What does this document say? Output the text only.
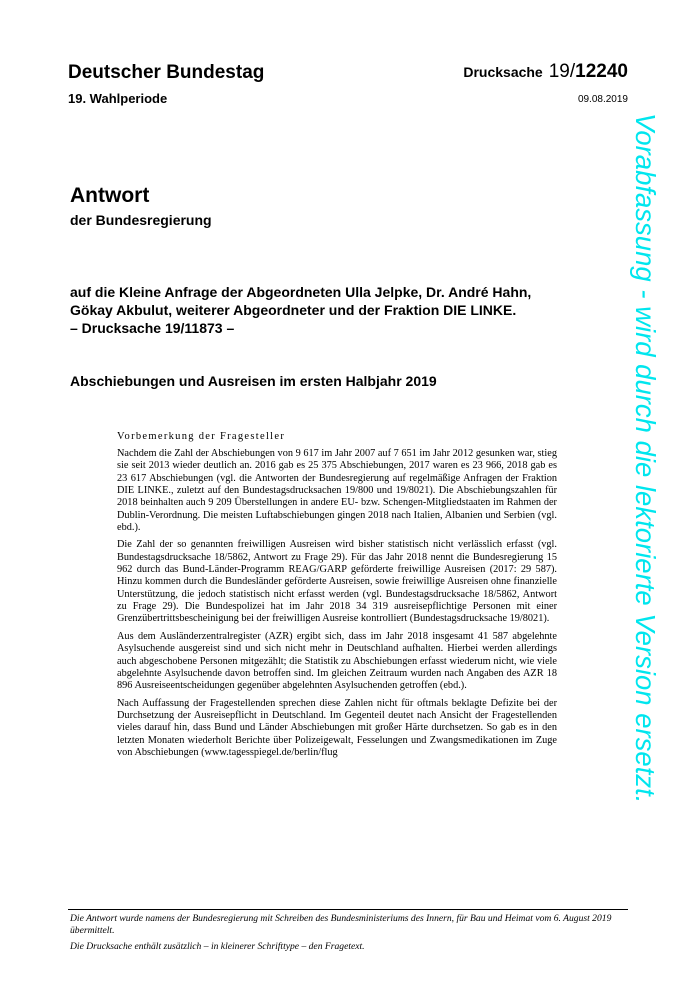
Deutscher Bundestag
19. Wahlperiode
Drucksache 19/12240
09.08.2019
Antwort
der Bundesregierung
auf die Kleine Anfrage der Abgeordneten Ulla Jelpke, Dr. André Hahn,
Gökay Akbulut, weiterer Abgeordneter und der Fraktion DIE LINKE.
– Drucksache 19/11873 –
Abschiebungen und Ausreisen im ersten Halbjahr 2019
Vorbemerkung der Fragesteller

Nachdem die Zahl der Abschiebungen von 9 617 im Jahr 2007 auf 7 651 im Jahr 2012 gesunken war, stieg sie seit 2013 wieder deutlich an. 2016 gab es 25 375 Abschiebungen, 2017 waren es 23 966, 2018 gab es 23 617 Abschiebungen (vgl. die Antworten der Bundesregierung auf regelmäßige Anfragen der Fraktion DIE LINKE., zuletzt auf den Bundestagsdrucksachen 19/800 und 19/8021). Die Abschiebungszahlen für 2018 beinhalten auch 9 209 Überstellungen in andere EU- bzw. Schengen-Mitgliedstaaten im Rahmen der Dublin-Verordnung. Die meisten Luftabschiebungen gingen 2018 nach Italien, Albanien und Serbien (vgl. ebd.).

Die Zahl der so genannten freiwilligen Ausreisen wird bisher statistisch nicht verlässlich erfasst (vgl. Bundestagsdrucksache 18/5862, Antwort zu Frage 29). Für das Jahr 2018 nennt die Bundesregierung 15 962 durch das Bund-Länder-Programm REAG/GARP geförderte freiwillige Ausreisen (2017: 29 587). Hinzu kommen durch die Bundesländer geförderte Ausreisen, sowie freiwillige Ausreisen ohne finanzielle Unterstützung, die jedoch statistisch nicht erfasst werden (vgl. Bundestagsdrucksache 18/5862, Antwort zu Frage 29). Die Bundespolizei hat im Jahr 2018 34 319 ausreisepflichtige Personen mit einer Grenzübertrittsbescheinigung bei der freiwilligen Ausreise kontrolliert (Bundestagsdrucksache 19/8021).

Aus dem Ausländerzentralregister (AZR) ergibt sich, dass im Jahr 2018 insgesamt 41 587 abgelehnte Asylsuchende ausgereist sind und sich nicht mehr in Deutschland aufhalten. Hierbei werden allerdings auch abgeschobene Personen mitgezählt; die Statistik zu Abschiebungen erfasst wiederum nicht, wie viele abgelehnte Asylsuchende davon betroffen sind. Im gleichen Zeitraum wurden nach Angaben des AZR 18 896 Ausreiseentscheidungen gegenüber abgelehnten Asylsuchenden getroffen (ebd.).

Nach Auffassung der Fragestellenden sprechen diese Zahlen nicht für oftmals beklagte Defizite bei der Durchsetzung der Ausreisepflicht in Deutschland. Im Gegenteil deutet nach Ansicht der Fragestellenden vieles darauf hin, dass Bund und Länder Abschiebungen mit großer Härte durchsetzen. So gab es in den letzten Monaten wiederholt Berichte über Polizeigewalt, Fesselungen und Zwangsmedikationen im Zuge von Abschiebungen (www.tagesspiegel.de/berlin/flug

Die Antwort wurde namens der Bundesregierung mit Schreiben des Bundesministeriums des Innern, für Bau und Heimat vom 6. August 2019 übermittelt.

Die Drucksache enthält zusätzlich – in kleinerer Schrifttype – den Fragetext.

Vorabfassung - wird durch die lektorierte Version ersetzt.
